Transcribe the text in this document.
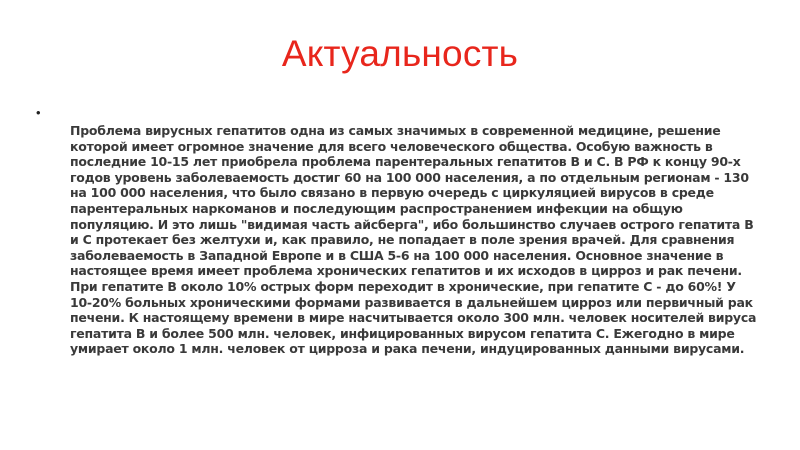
Актуальность
•

Проблема вирусных гепатитов одна из самых значимых в современной медицине, решение которой имеет огромное значение для всего человеческого общества. Особую важность в последние 10-15 лет приобрела проблема парентеральных гепатитов В и С. В РФ к концу 90-х годов уровень заболеваемость достиг 60 на 100 000 населения, а по отдельным регионам - 130 на 100 000 населения, что было связано в первую очередь с циркуляцией вирусов в среде парентеральных наркоманов и последующим распространением инфекции на общую популяцию. И это лишь "видимая часть айсберга", ибо большинство случаев острого гепатита В и С протекает без желтухи и, как правило, не попадает в поле зрения врачей. Для сравнения заболеваемость в Западной Европе и в США 5-6 на 100 000 населения. Основное значение в настоящее время имеет проблема хронических гепатитов и их исходов в цирроз и рак печени. При гепатите В около 10% острых форм переходит в хронические, при гепатите С - до 60%! У 10-20% больных хроническими формами развивается в дальнейшем цирроз или первичный рак печени. К настоящему времени в мире насчитывается около 300 млн. человек носителей вируса гепатита В и более 500 млн. человек, инфицированных вирусом гепатита С. Ежегодно в мире умирает около 1 млн. человек от цирроза и рака печени, индуцированных данными вирусами.
